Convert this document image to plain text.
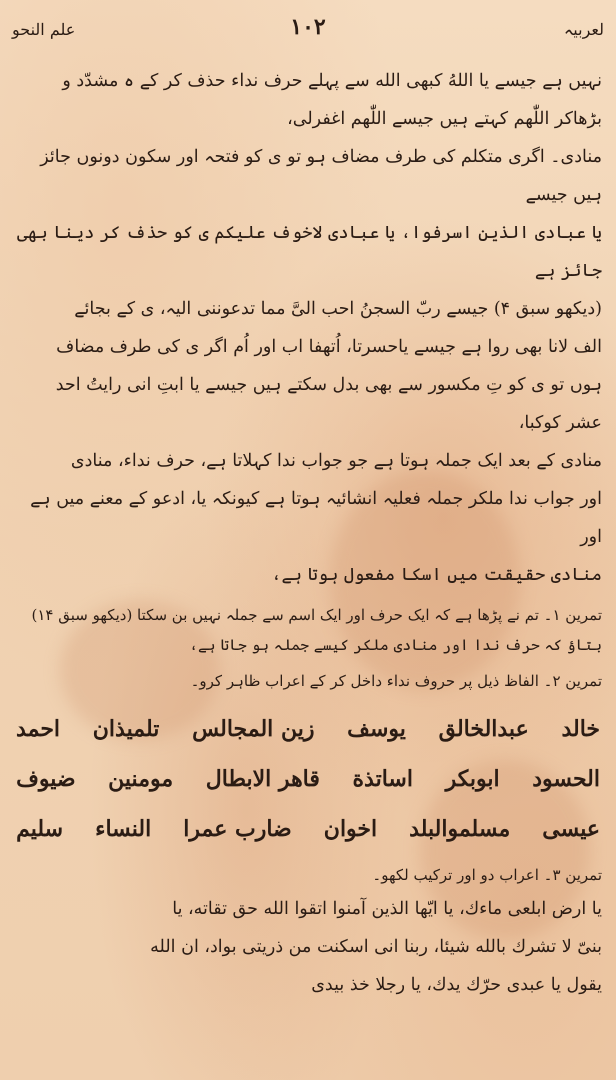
علم النحو	١٠٢	لعربیہ

نہیں ہے جیسے یا اللهُ کبھی الله سے پہلے حرف نداء حذف کر کے ہ مشدّد و
بڑھاکر اللّٰھم کہتے ہیں جیسے اللّٰهم اغفرلی،

منادی۔ اگری متکلم کی طرف مضاف ہو تو ی کو فتحہ اور سکون دونوں جائز ہیں جیسے
یا عبادی الذین اسرفوا، یا عبادی لاخوف علیکم ی کو حذف کر دینا بھی جائز ہے
(دیکھو سبق ۴) جیسے ربّ السجنُ احب الیَّ مما تدعوننی الیہ، ی کے بجائے
الف لانا بھی روا ہے جیسے یاحسرتا، اُتھفا اب اور اُم اگر ی کی طرف مضاف
ہوں تو ی کو تِ مکسور سے بھی بدل سکتے ہیں جیسے یا ابتِ انی رایتُ احد
عشر کوکبا،

منادی کے بعد ایک جملہ ہوتا ہے جو جواب ندا کہلاتا ہے، حرف نداء، منادی
اور جواب ندا ملکر جملہ فعلیہ انشائیہ ہوتا ہے کیونکہ یا، ادعو کے معنے میں ہے اور
منادی حقیقت میں اسکا مفعول ہوتا ہے،

تمرین ۱۔ تم نے پڑھا ہے کہ ایک حرف اور ایک اسم سے جملہ نہیں بن سکتا (دیکھو سبق ۱۴)
بتاؤ کہ حرف ندا اور منادی ملکر کیسے جملہ ہو جاتا ہے،

تمرین ۲۔ الفاظ ذیل پر حروف نداء داخل کر کے اعراب ظاہر کرو۔

خالد
عبدالخالق
یوسف
زین المجالس
تلمیذان
احمد
الحسود
ابوبکر
اساتذة
قاهر الابطال
مومنین
ضیوف
عیسی
مسلموالبلد
اخوان
ضارب عمرا
النساء
سلیم

تمرین ۳۔ اعراب دو اور ترکیب لکھو۔

یا ارض ابلعی ماءك، یا ایّها الذین آمنوا اتقوا الله حق تقاته، یا
بنیّ لا تشرك بالله شیئا، ربنا انی اسکنت من ذریتی بواد، ان الله
یقول یا عبدی حرّك یدك، یا رجلا خذ بیدی
